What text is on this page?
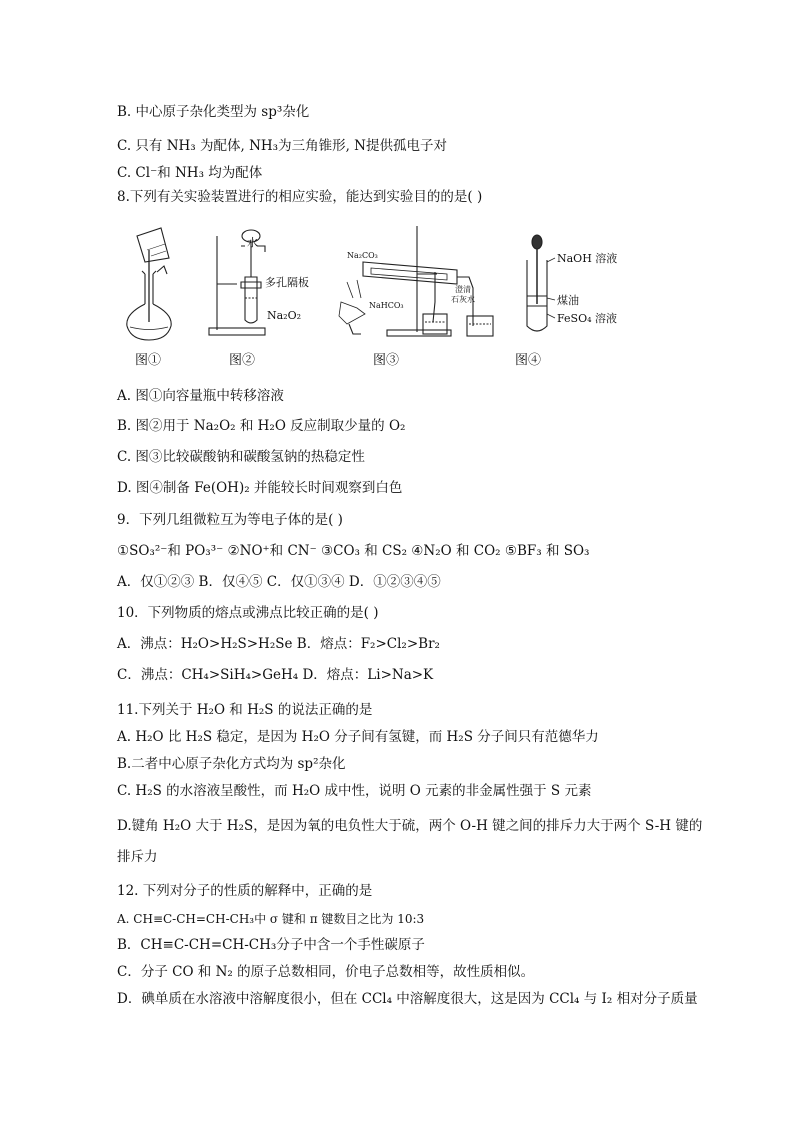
B. 中心原子杂化类型为 sp³杂化
C. 只有 NH₃ 为配体, NH₃为三角锥形, N提供孤电子对
C. Cl⁻和 NH₃ 均为配体
8.下列有关实验装置进行的相应实验，能达到实验目的的是( )
水
多孔隔板
Na₂O₂
Na₂CO₃
NaHCO₃
澄清
石灰水
NaOH 溶液
煤油
FeSO₄ 溶液
图①	图②	图③	图④
A. 图①向容量瓶中转移溶液
B. 图②用于 Na₂O₂ 和 H₂O 反应制取少量的 O₂
C. 图③比较碳酸钠和碳酸氢钠的热稳定性
D. 图④制备 Fe(OH)₂ 并能较长时间观察到白色
9．下列几组微粒互为等电子体的是( )
①SO₃²⁻和 PO₃³⁻ ②NO⁺和 CN⁻ ③CO₃ 和 CS₂ ④N₂O 和 CO₂ ⑤BF₃ 和 SO₃
A．仅①②③ B．仅④⑤ C．仅①③④ D．①②③④⑤
10．下列物质的熔点或沸点比较正确的是( )
A．沸点：H₂O>H₂S>H₂Se B．熔点：F₂>Cl₂>Br₂
C．沸点：CH₄>SiH₄>GeH₄ D．熔点：Li>Na>K
11.下列关于 H₂O 和 H₂S 的说法正确的是
A. H₂O 比 H₂S 稳定，是因为 H₂O 分子间有氢键，而 H₂S 分子间只有范德华力
B.二者中心原子杂化方式均为 sp²杂化
C. H₂S 的水溶液呈酸性，而 H₂O 成中性，说明 O 元素的非金属性强于 S 元素
D.键角 H₂O 大于 H₂S，是因为氧的电负性大于硫，两个 O-H 键之间的排斥力大于两个 S-H 键的
排斥力
12. 下列对分子的性质的解释中，正确的是
A. CH≡C-CH=CH-CH₃中 σ 键和 π 键数目之比为 10:3
B．CH≡C-CH=CH-CH₃分子中含一个手性碳原子
C．分子 CO 和 N₂ 的原子总数相同，价电子总数相等，故性质相似。
D．碘单质在水溶液中溶解度很小，但在 CCl₄ 中溶解度很大，这是因为 CCl₄ 与 I₂ 相对分子质量
